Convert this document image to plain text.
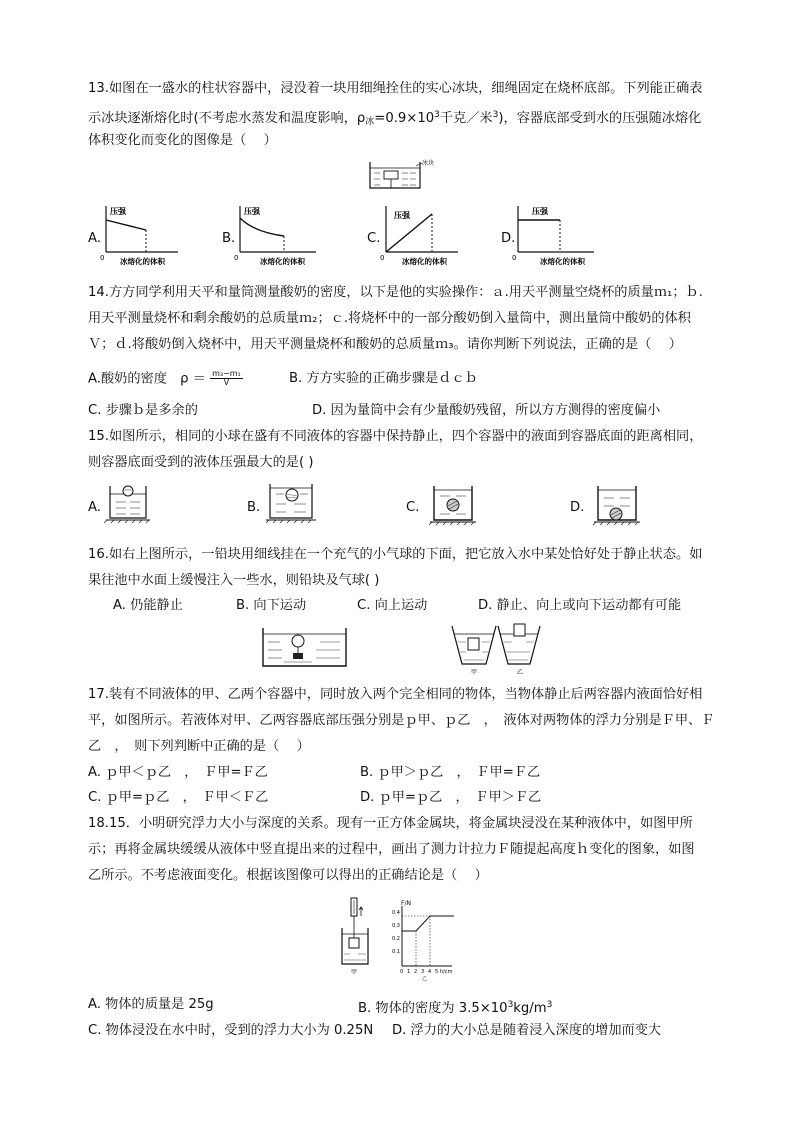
13.如图在一盛水的柱状容器中，浸没着一块用细绳拴住的实心冰块，细绳固定在烧杯底部。下列能正确表
示冰块逐渐熔化时(不考虑水蒸发和温度影响，$\rho_冰=0.9\times 10^3$千克／米$^3$)，容器底部受到水的压强随冰熔化
体积变化而变化的图像是（　 ）
冰块
A.	B.	C.	D.
压强
0 冰熔化的体积
压强
0	冰熔化的体积
压强
0 冰熔化的体积
压强
0	冰熔化的体积
14.方方同学利用天平和量筒测量酸奶的密度，以下是他的实验操作：ａ.用天平测量空烧杯的质量ｍ₁；ｂ.
用天平测量烧杯和剩余酸奶的总质量ｍ₂；ｃ.将烧杯中的一部分酸奶倒入量筒中，测出量筒中酸奶的体积
Ｖ；ｄ.将酸奶倒入烧杯中，用天平测量烧杯和酸奶的总质量ｍ₃。请你判断下列说法，正确的是（　 ）
A.酸奶的密度　$\rho = \frac{\text{m₃−m₁}}{V}$	B. 方方实验的正确步骤是ｄｃｂ
C. 步骤ｂ是多余的	D. 因为量筒中会有少量酸奶残留，所以方方测得的密度偏小
15.如图所示，相同的小球在盛有不同液体的容器中保持静止，四个容器中的液面到容器底面的距离相同，
则容器底面受到的液体压强最大的是( )
A.	B.	C.	D.
16.如右上图所示，一铅块用细线挂在一个充气的小气球的下面，把它放入水中某处恰好处于静止状态。如
果往池中水面上缓慢注入一些水，则铅块及气球( )
A. 仍能静止	B. 向下运动	C. 向上运动	D. 静止、向上或向下运动都有可能
甲	乙
17.装有不同液体的甲、乙两个容器中，同时放入两个完全相同的物体，当物体静止后两容器内液面恰好相
平，如图所示。若液体对甲、乙两容器底部压强分别是ｐ甲、ｐ乙　，　液体对两物体的浮力分别是Ｆ甲、Ｆ
乙　，　则下列判断中正确的是（　 ）
A. ｐ甲＜ｐ乙　，　Ｆ甲=Ｆ乙	B. ｐ甲＞ｐ乙　，　Ｆ甲=Ｆ乙
C. ｐ甲=ｐ乙　，　Ｆ甲＜Ｆ乙	D. ｐ甲=ｐ乙　，　Ｆ甲＞Ｆ乙
18.15．小明研究浮力大小与深度的关系。现有一正方体金属块，将金属块浸没在某种液体中，如图甲所
示；再将金属块缓缓从液体中竖直提出来的过程中，画出了测力计拉力Ｆ随提起高度ｈ变化的图象，如图
乙所示。不考虑液面变化。根据该图像可以得出的正确结论是（　 ）
甲
F/N
0.4
0.3
0.2
0.1
0 1 2 3 4 5 h/cm
乙
A. 物体的质量是 25g	B. 物体的密度为 $3.5\times 10^3kg/m^3$
C. 物体浸没在水中时，受到的浮力大小为 0.25N D. 浮力的大小总是随着浸入深度的增加而变大
